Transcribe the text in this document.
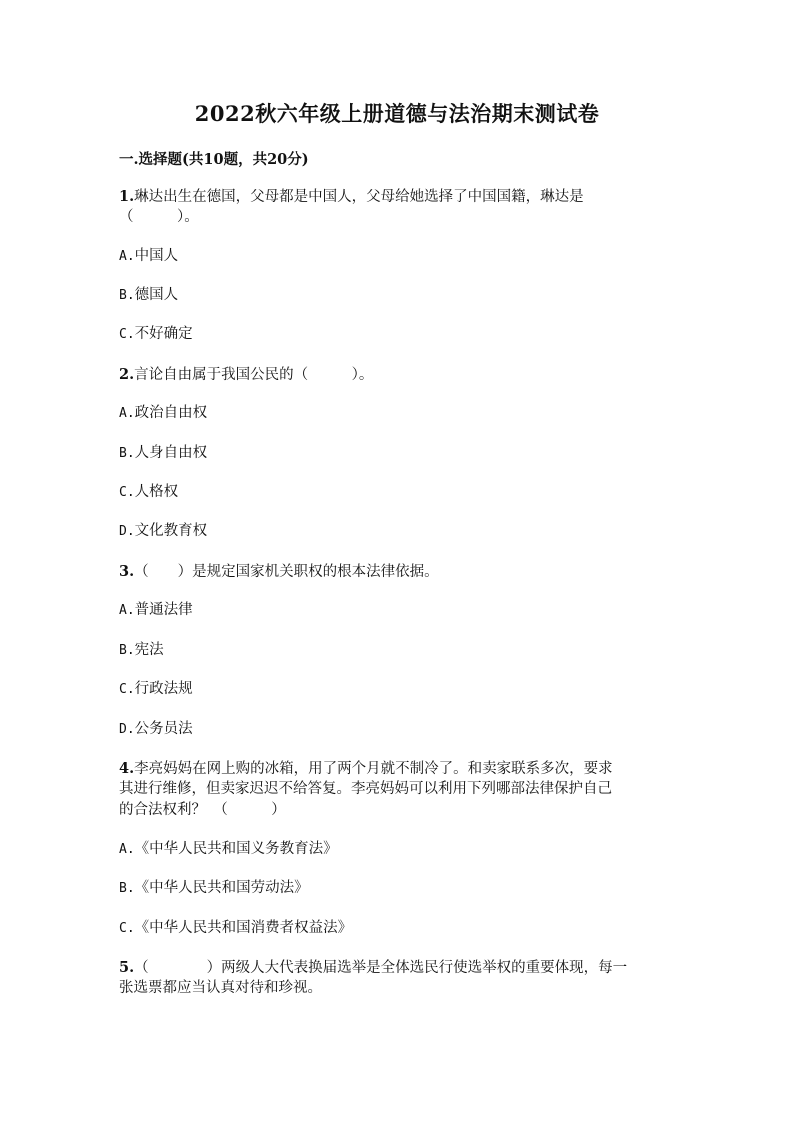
2022秋六年级上册道德与法治期末测试卷
一.选择题(共10题，共20分)
1.琳达出生在德国，父母都是中国人，父母给她选择了中国国籍，琳达是
（　　　）。
A.中国人
B.德国人
C.不好确定
2.言论自由属于我国公民的（　　　）。
A.政治自由权
B.人身自由权
C.人格权
D.文化教育权
3.（　　）是规定国家机关职权的根本法律依据。
A.普通法律
B.宪法
C.行政法规
D.公务员法
4.李亮妈妈在网上购的冰箱，用了两个月就不制冷了。和卖家联系多次，要求
其进行维修，但卖家迟迟不给答复。李亮妈妈可以利用下列哪部法律保护自己
的合法权利？　（　　　）
A.《中华人民共和国义务教育法》
B.《中华人民共和国劳动法》
C.《中华人民共和国消费者权益法》
5.（　　　　）两级人大代表换届选举是全体选民行使选举权的重要体现，每一
张选票都应当认真对待和珍视。
